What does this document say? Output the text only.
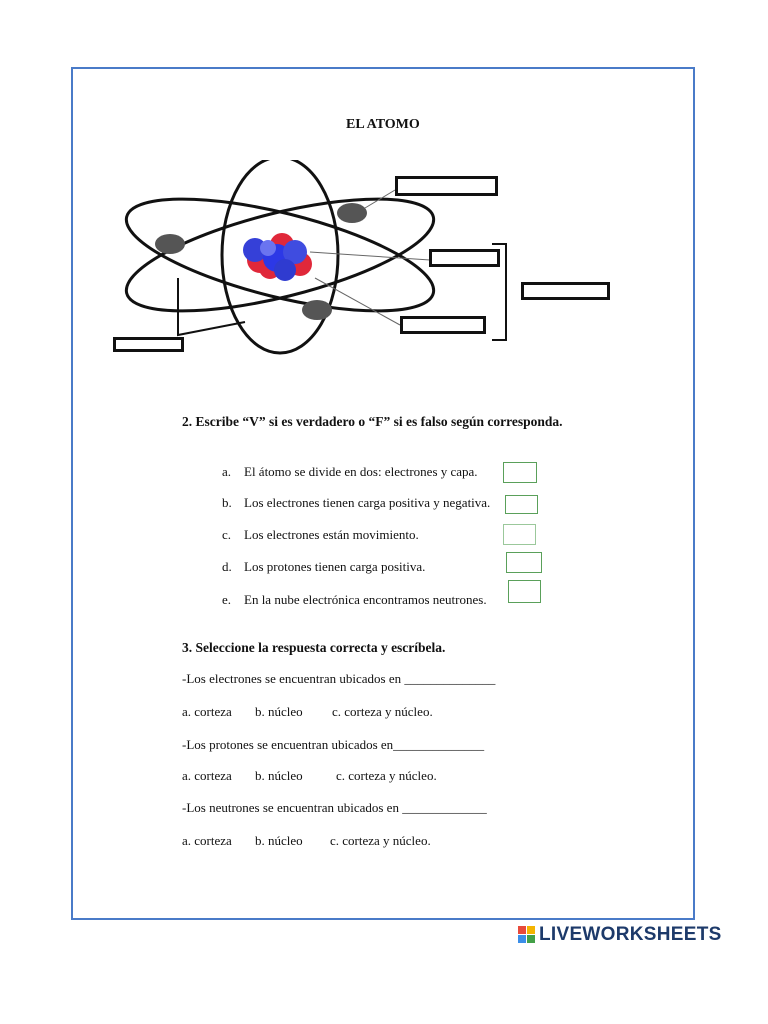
EL ATOMO
2. Escribe “V” si es verdadero o “F” si es falso según corresponda.
a. El átomo se divide en dos: electrones y capa.
b. Los electrones tienen carga positiva y negativa.
c. Los electrones están movimiento.
d. Los protones tienen carga positiva.
e. En la nube electrónica encontramos neutrones.
3. Seleccione la respuesta correcta y escríbela.
-Los electrones se encuentran ubicados en ______________
a. corteza b. núcleo c. corteza y núcleo.
-Los protones se encuentran ubicados en______________
a. corteza b. núcleo	c. corteza y núcleo.
-Los neutrones se encuentran ubicados en _____________
a. corteza b. núcleo c. corteza y núcleo.
LIVEWORKSHEETS
